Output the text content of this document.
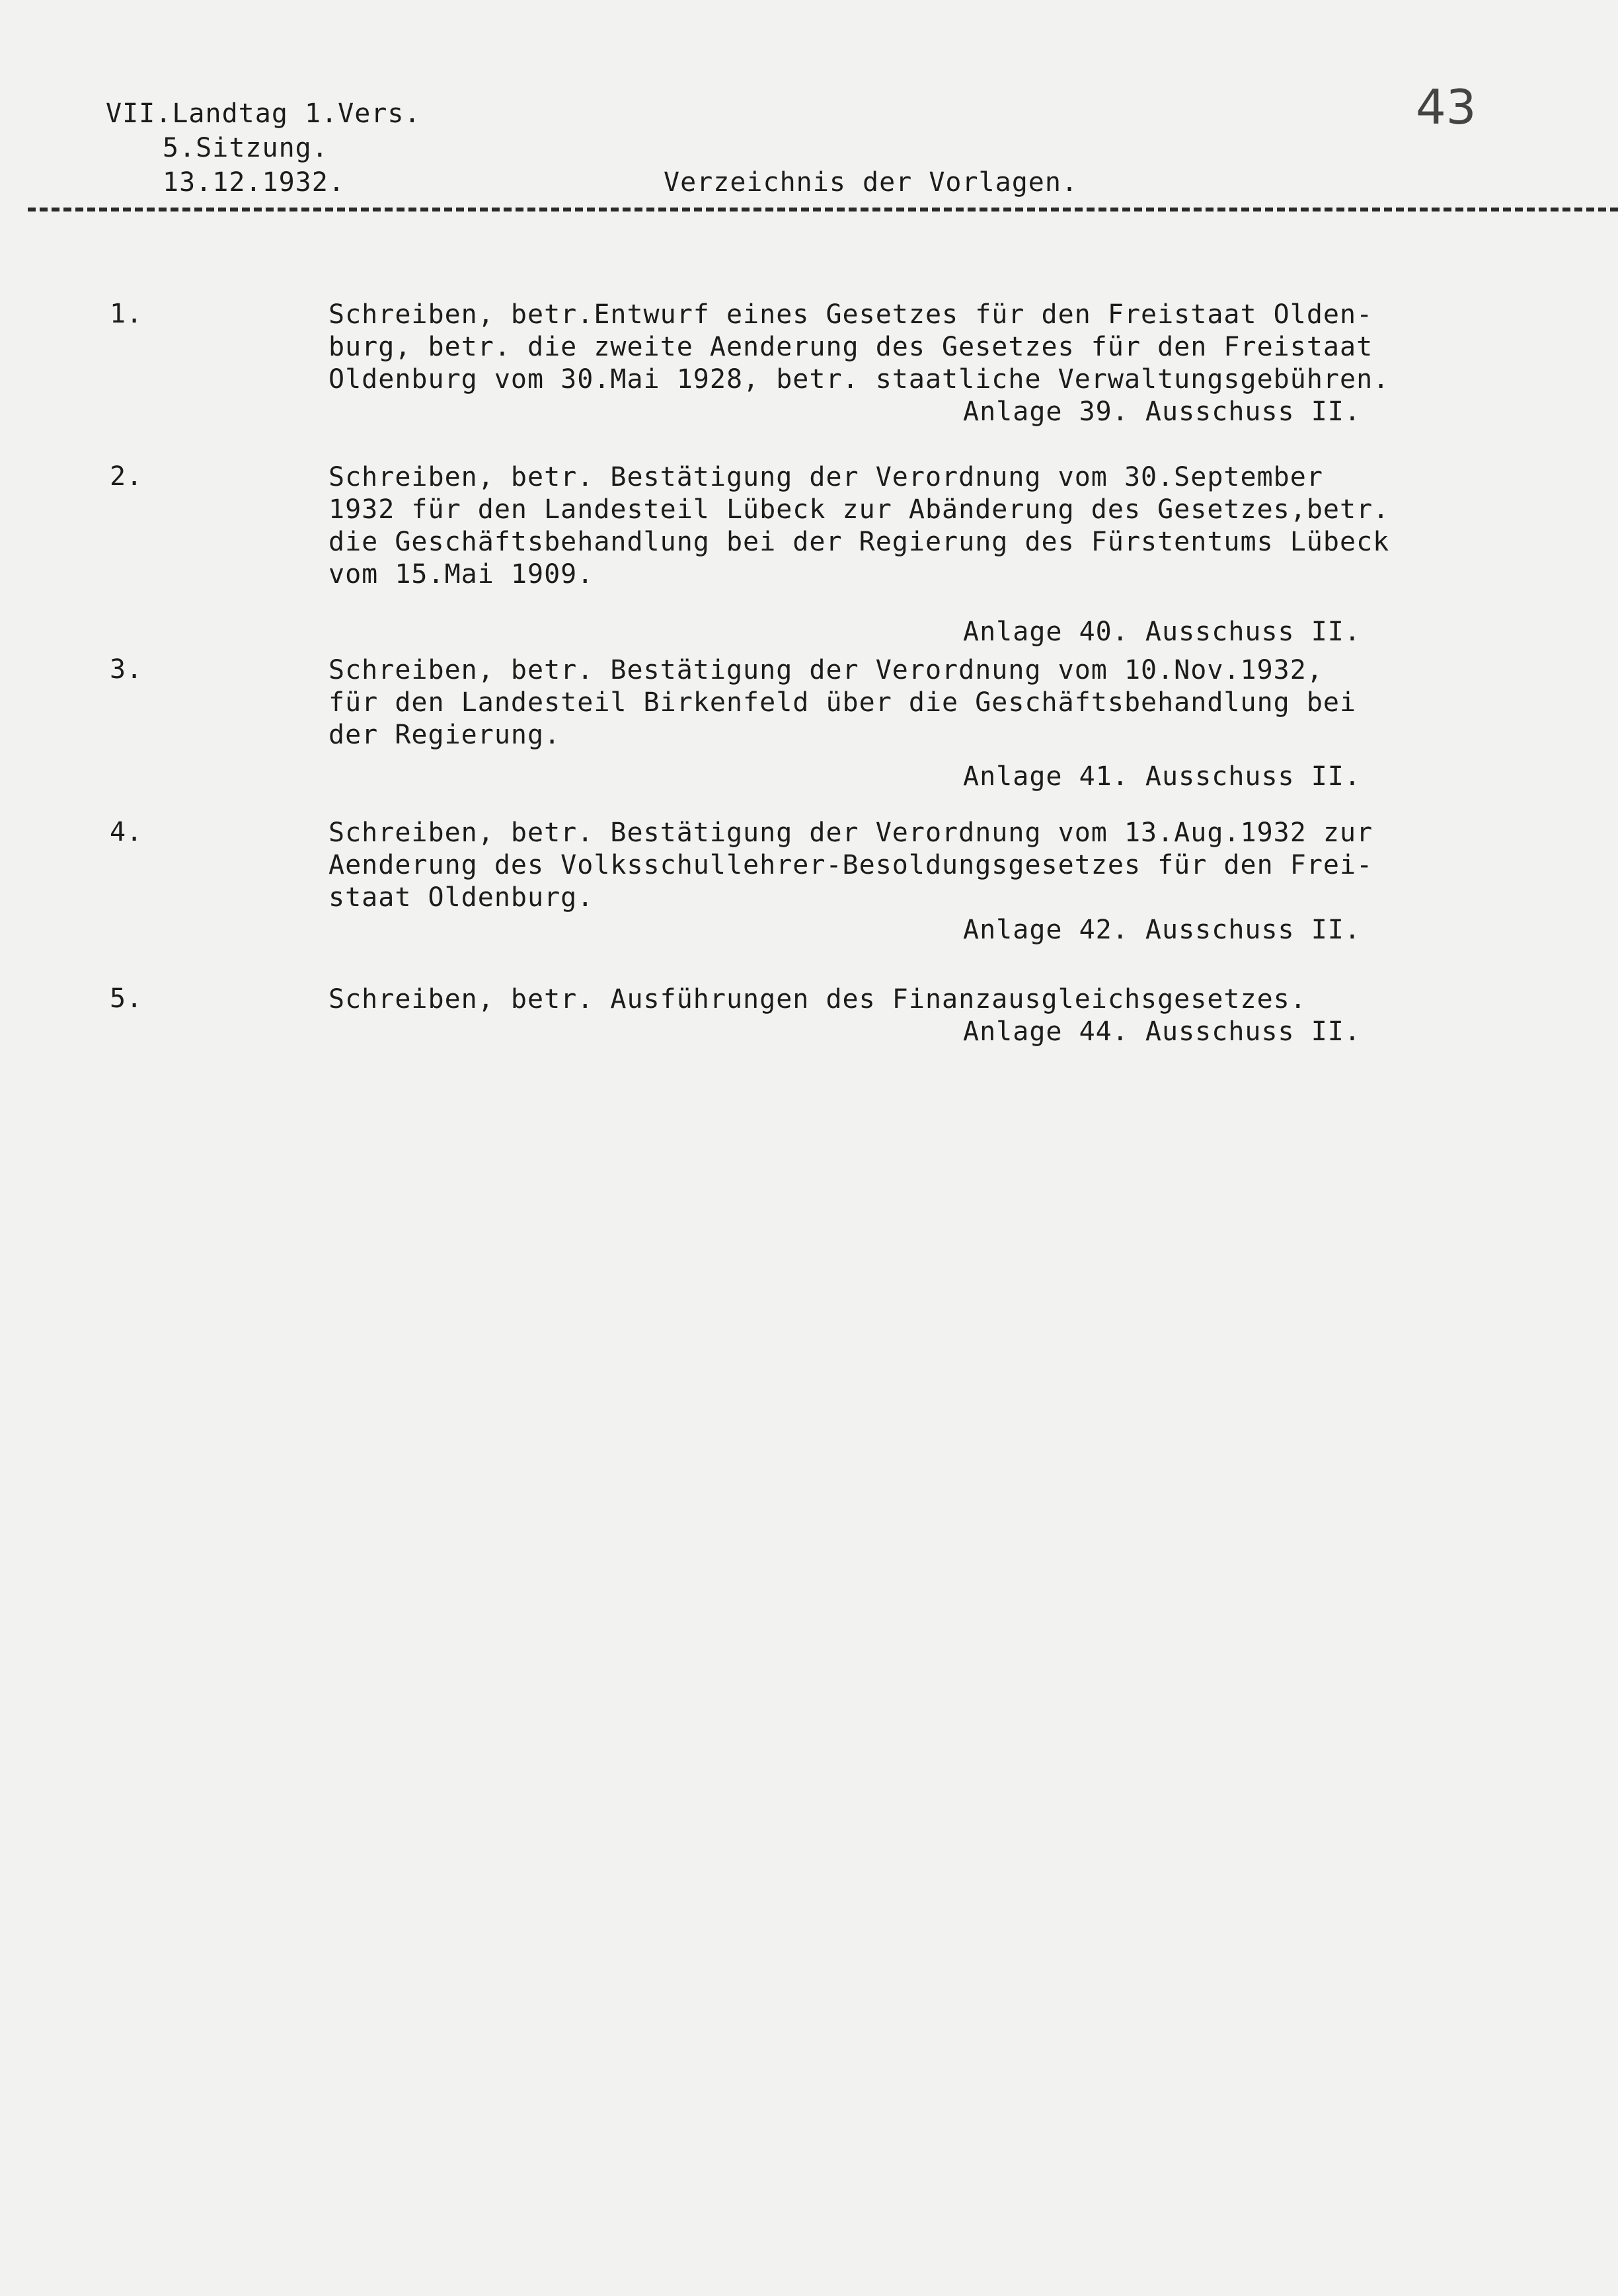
VII.Landtag 1.Vers.
5.Sitzung.
13.12.1932.	Verzeichnis der Vorlagen.
43
1.	Schreiben, betr.Entwurf eines Gesetzes für den Freistaat Olden-
burg, betr. die zweite Aenderung des Gesetzes für den Freistaat
Oldenburg vom 30.Mai 1928, betr. staatliche Verwaltungsgebühren.
Anlage 39. Ausschuss II.
2.	Schreiben, betr. Bestätigung der Verordnung vom 30.September
1932 für den Landesteil Lübeck zur Abänderung des Gesetzes,betr.
die Geschäftsbehandlung bei der Regierung des Fürstentums Lübeck
vom 15.Mai 1909.
Anlage 40. Ausschuss II.
3.	Schreiben, betr. Bestätigung der Verordnung vom 10.Nov.1932,
für den Landesteil Birkenfeld über die Geschäftsbehandlung bei
der Regierung.
Anlage 41. Ausschuss II.
4.	Schreiben, betr. Bestätigung der Verordnung vom 13.Aug.1932 zur
Aenderung des Volksschullehrer-Besoldungsgesetzes für den Frei-
staat Oldenburg.
Anlage 42. Ausschuss II.
5.	Schreiben, betr. Ausführungen des Finanzausgleichsgesetzes.
Anlage 44. Ausschuss II.
